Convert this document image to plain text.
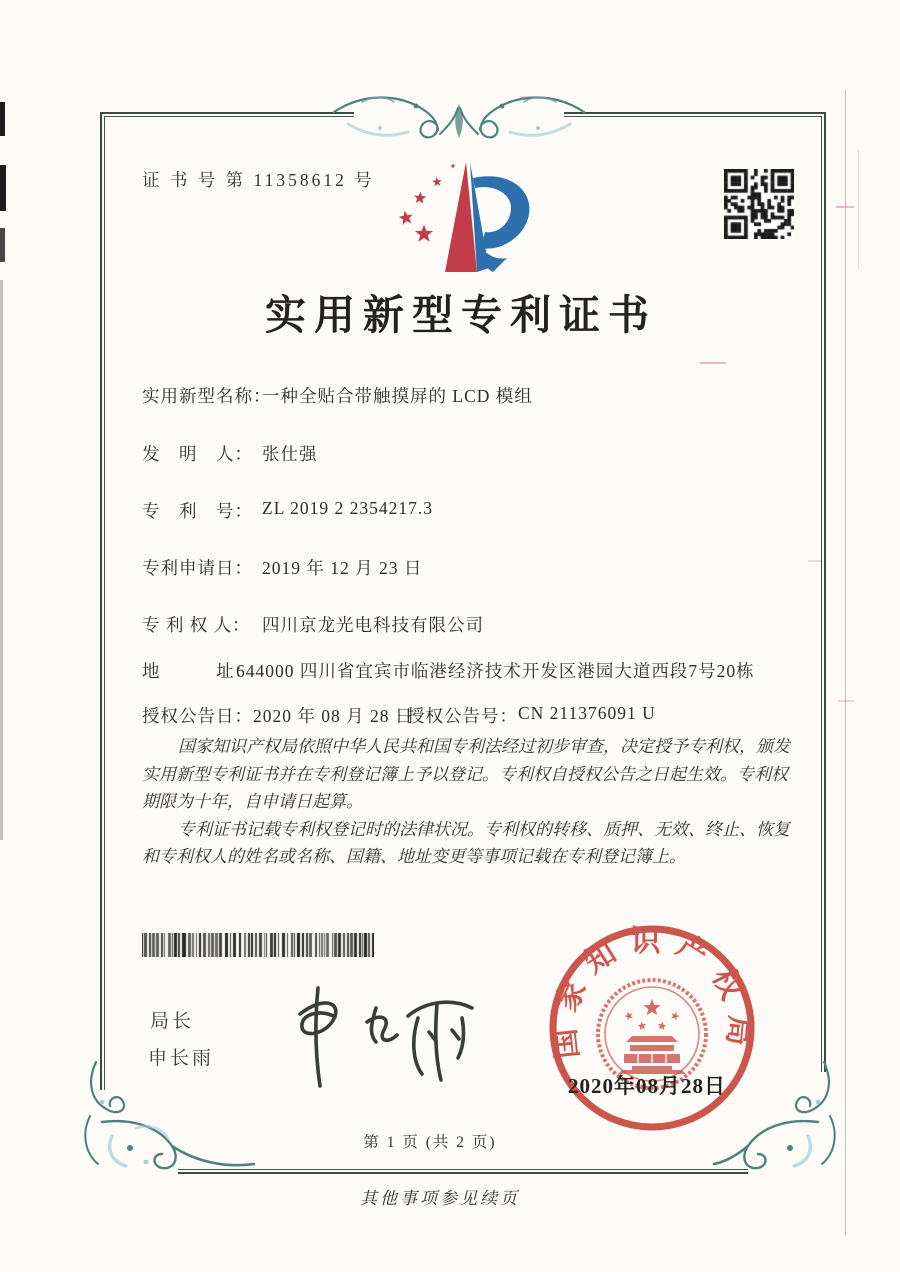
证 书 号 第 11358612 号
实用新型专利证书
实用新型名称：一种全贴合带触摸屏的 LCD 模组
发　明　人： 张仕强
专　利　号： ZL 2019 2 2354217.3
专利申请日： 2019 年 12 月 23 日
专 利 权 人： 四川京龙光电科技有限公司
地　　　址：644000 四川省宜宾市临港经济技术开发区港园大道西段7号20栋
授权公告日：2020 年 08 月 28 日授权公告号：CN 211376091 U

国家知识产权局依照中华人民共和国专利法经过初步审查，决定授予专利权，颁发实用新型专利证书并在专利登记簿上予以登记。专利权自授权公告之日起生效。专利权期限为十年，自申请日起算。

专利证书记载专利权登记时的法律状况。专利权的转移、质押、无效、终止、恢复和专利权人的姓名或名称、国籍、地址变更等事项记载在专利登记簿上。

局长
申长雨	国家知识产权局
2020年08月28日
第 1 页 (共 2 页)
其他事项参见续页
